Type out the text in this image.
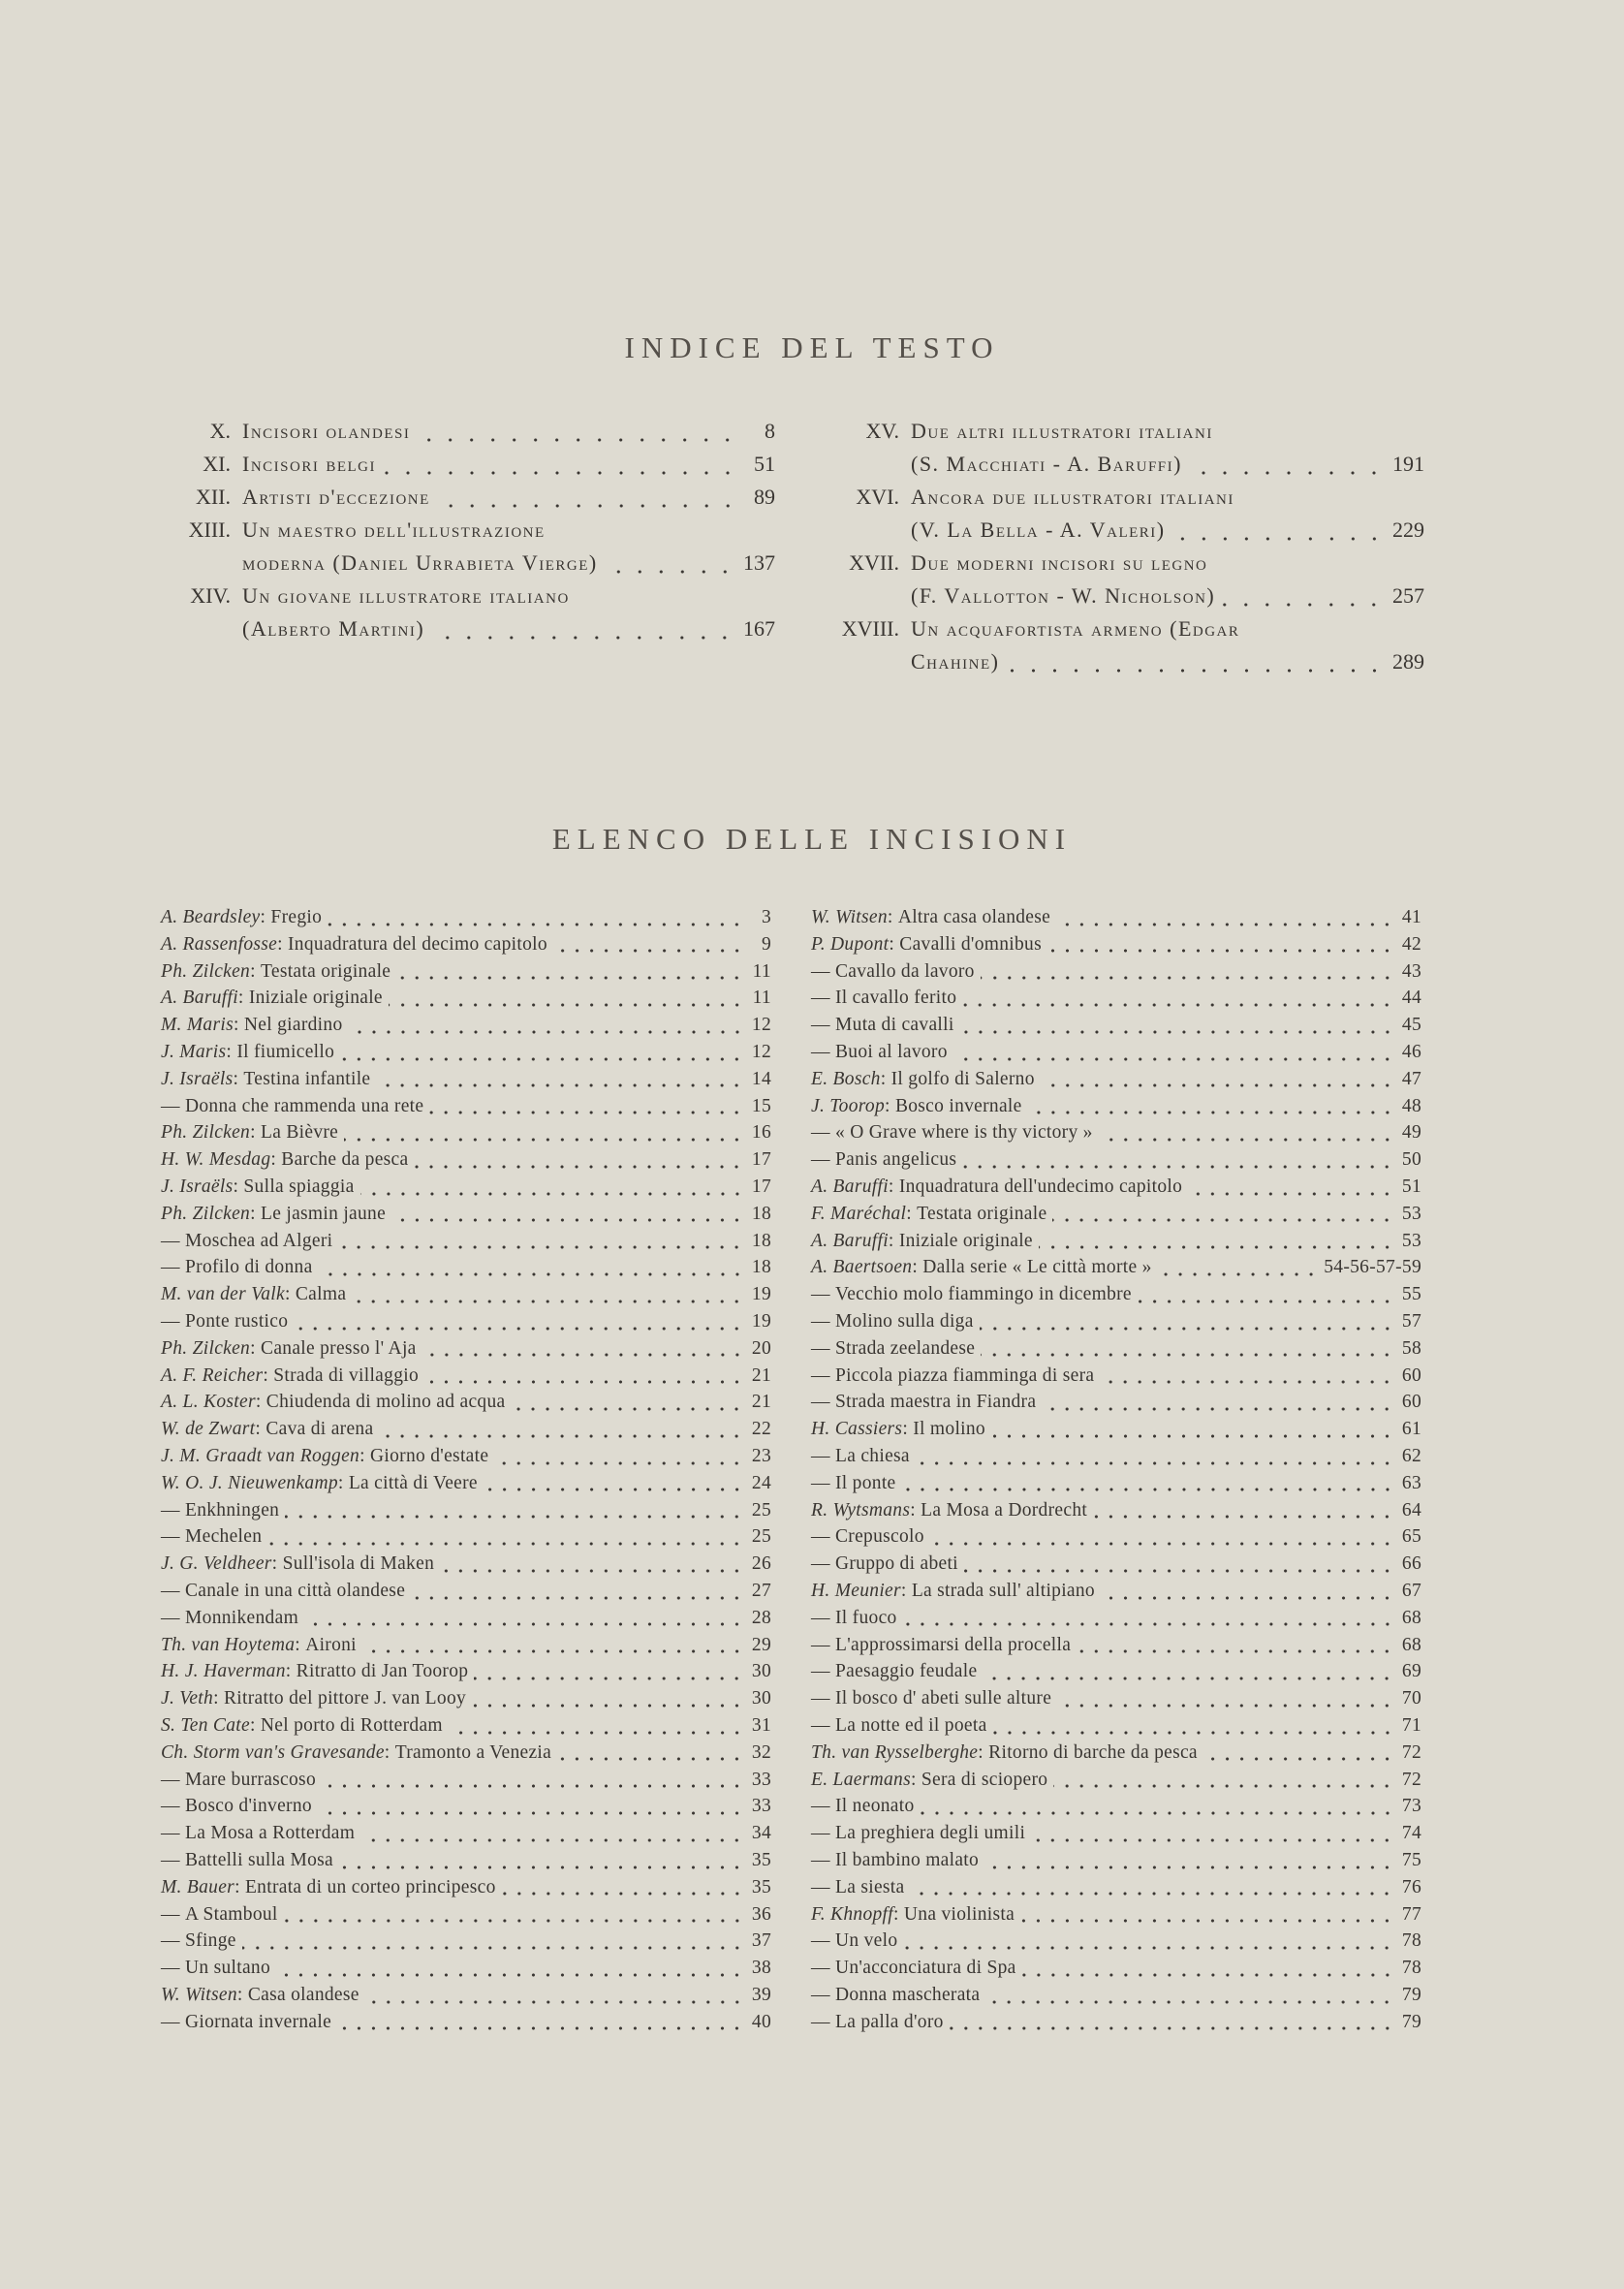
INDICE DEL TESTO
X. Incisori olandesi	8
XI. Incisori belgi	51
XII. Artisti d'eccezione	89
XIII. Un maestro dell'illustrazione
moderna (Daniel Urrabieta Vierge)	137
XIV. Un giovane illustratore italiano
(Alberto Martini)	167
XV. Due altri illustratori italiani
(S. Macchiati - A. Baruffi)	191
XVI. Ancora due illustratori italiani
(V. La Bella - A. Valeri)	229
XVII. Due moderni incisori su legno
(F. Vallotton - W. Nicholson)	257
XVIII. Un acquafortista armeno (Edgar
Chahine)	289
ELENCO DELLE INCISIONI
A. Beardsley : Fregio	3
A. Rassenfosse : Inquadratura del decimo capitolo	9
Ph. Zilcken : Testata originale	11
A. Baruffi : Iniziale originale	11
M. Maris : Nel giardino	12
J. Maris : Il fiumicello	12
J. Israëls : Testina infantile	14
—
Donna che rammenda una rete	15
Ph. Zilcken : La Bièvre	16
H. W. Mesdag : Barche da pesca	17
J. Israëls : Sulla spiaggia	17
Ph. Zilcken : Le jasmin jaune	18
—
Moschea ad Algeri	18
—
Profilo di donna	18
M. van der Valk : Calma	19
—
Ponte rustico	19
Ph. Zilcken : Canale presso l' Aja	20
A. F. Reicher : Strada di villaggio	21
A. L. Koster : Chiudenda di molino ad acqua	21
W. de Zwart : Cava di arena	22
J. M. Graadt van Roggen : Giorno d'estate	23
W. O. J. Nieuwenkamp : La città di Veere	24
—
Enkhningen	25
—
Mechelen	25
J. G. Veldheer : Sull'isola di Maken	26
—
Canale in una città olandese	27
—
Monnikendam	28
Th. van Hoytema : Aironi	29
H. J. Haverman : Ritratto di Jan Toorop	30
J. Veth : Ritratto del pittore J. van Looy	30
S. Ten Cate : Nel porto di Rotterdam	31
Ch. Storm van's Gravesande : Tramonto a Venezia	32
—
Mare burrascoso	33
—
Bosco d'inverno	33
—
La Mosa a Rotterdam	34
—
Battelli sulla Mosa	35
M. Bauer : Entrata di un corteo principesco	35
—
A Stamboul	36
—
Sfinge	37
—
Un sultano	38
W. Witsen : Casa olandese	39
—
Giornata invernale	40
W. Witsen : Altra casa olandese	41
P. Dupont : Cavalli d'omnibus	42
—
Cavallo da lavoro	43
—
Il cavallo ferito	44
—
Muta di cavalli	45
—
Buoi al lavoro	46
E. Bosch : Il golfo di Salerno	47
J. Toorop : Bosco invernale	48
—
« O Grave where is thy victory »	49
—
Panis angelicus	50
A. Baruffi : Inquadratura dell'undecimo capitolo	51
F. Maréchal : Testata originale	53
A. Baruffi : Iniziale originale	53
A. Baertsoen : Dalla serie « Le città morte »	54-56-57-59
—
Vecchio molo fiammingo in dicembre	55
—
Molino sulla diga	57
—
Strada zeelandese	58
—
Piccola piazza fiamminga di sera	60
—
Strada maestra in Fiandra	60
H. Cassiers : Il molino	61
—
La chiesa	62
—
Il ponte	63
R. Wytsmans : La Mosa a Dordrecht	64
—
Crepuscolo	65
—
Gruppo di abeti	66
H. Meunier : La strada sull' altipiano	67
—
Il fuoco	68
—
L'approssimarsi della procella	68
—
Paesaggio feudale	69
—
Il bosco d' abeti sulle alture	70
—
La notte ed il poeta	71
Th. van Rysselberghe : Ritorno di barche da pesca	72
E. Laermans : Sera di sciopero	72
—
Il neonato	73
—
La preghiera degli umili	74
—
Il bambino malato	75
—
La siesta	76
F. Khnopff : Una violinista	77
—
Un velo	78
—
Un'acconciatura di Spa	78
—
Donna mascherata	79
—
La palla d'oro	79
